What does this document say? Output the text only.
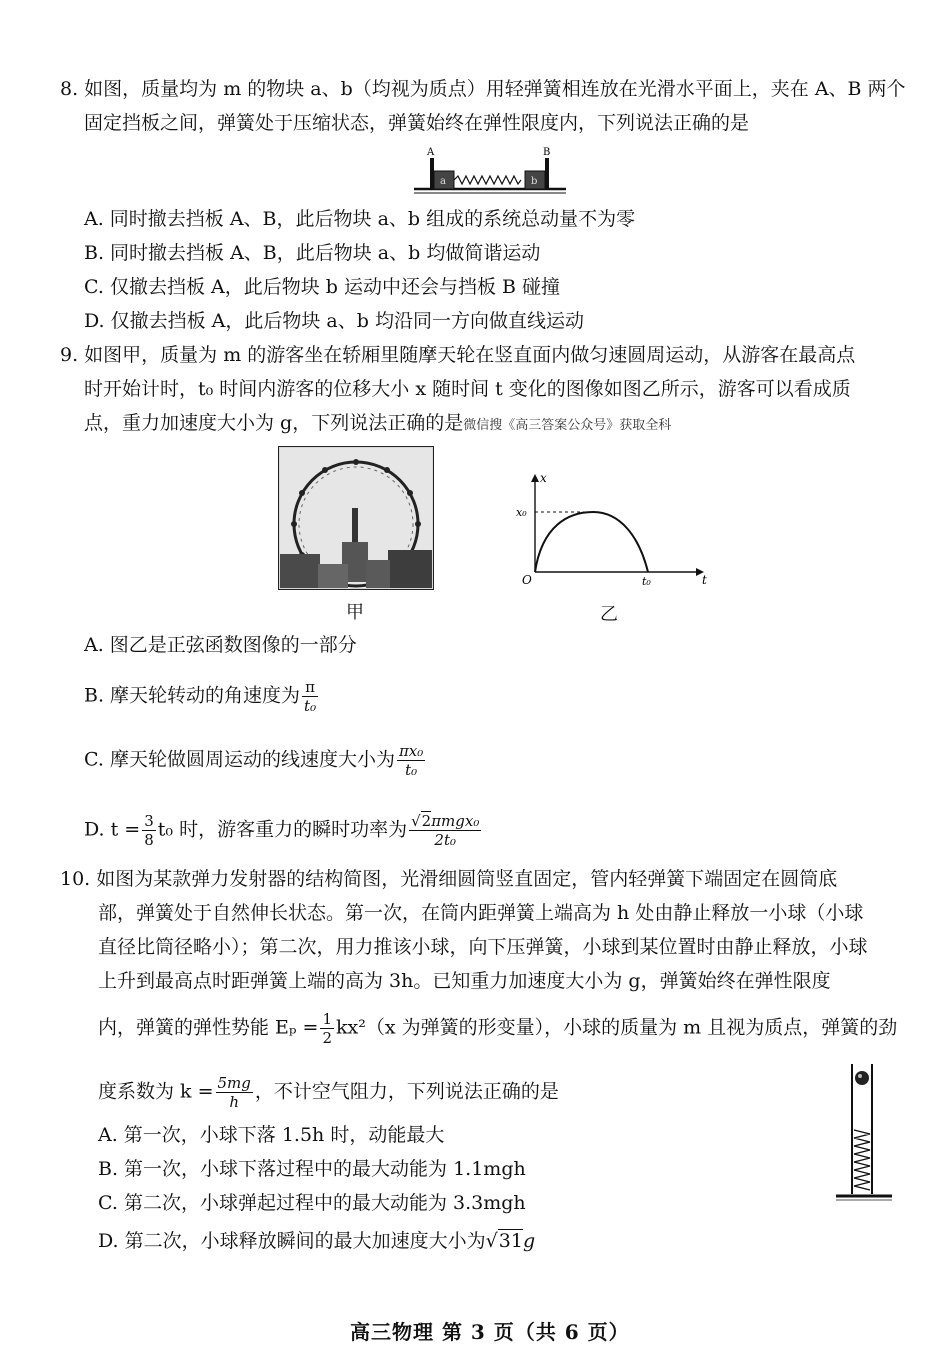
8. 如图，质量均为 m 的物块 a、b（均视为质点）用轻弹簧相连放在光滑水平面上，夹在 A、B 两个
固定挡板之间，弹簧处于压缩状态，弹簧始终在弹性限度内，下列说法正确的是
A	B
a	b
A. 同时撤去挡板 A、B，此后物块 a、b 组成的系统总动量不为零
B. 同时撤去挡板 A、B，此后物块 a、b 均做简谐运动
C. 仅撤去挡板 A，此后物块 b 运动中还会与挡板 B 碰撞
D. 仅撤去挡板 A，此后物块 a、b 均沿同一方向做直线运动
9. 如图甲，质量为 m 的游客坐在轿厢里随摩天轮在竖直面内做匀速圆周运动，从游客在最高点
时开始计时，t₀ 时间内游客的位移大小 x 随时间 t 变化的图像如图乙所示，游客可以看成质
点，重力加速度大小为 g，下列说法正确的是微信搜《高三答案公众号》获取全科
甲
x
t
O
x₀
t₀
乙
A. 图乙是正弦函数图像的一部分
B. 摩天轮转动的角速度为 $\frac{\pi}{\text{t₀}}$
C. 摩天轮做圆周运动的线速度大小为 $\frac{\text{πx₀}}{\text{t₀}}$
D. $t = \frac{3}{8} t_0$ 时，游客重力的瞬时功率为 $\frac{\text{√2πmgx₀}}{\text{2t₀}}$
10. 如图为某款弹力发射器的结构简图，光滑细圆筒竖直固定，管内轻弹簧下端固定在圆筒底
部，弹簧处于自然伸长状态。第一次，在筒内距弹簧上端高为 h 处由静止释放一小球（小球
直径比筒径略小）；第二次，用力推该小球，向下压弹簧，小球到某位置时由静止释放，小球
上升到最高点时距弹簧上端的高为 3h。已知重力加速度大小为 g，弹簧始终在弹性限度
内，弹簧的弹性势能 $E_p = \frac{1}{2} kx^2(x$ 为弹簧的形变量），小球的质量为 m 且视为质点，弹簧的劲
度系数为 $k = \frac{5mg}{h}$ ，不计空气阻力，下列说法正确的是
A. 第一次，小球下落 1.5h 时，动能最大
B. 第一次，小球下落过程中的最大动能为 1.1mgh
C. 第二次，小球弹起过程中的最大动能为 3.3mgh
D. 第二次，小球释放瞬间的最大加速度大小为√31g
高三物理 第 3 页（共 6 页）
